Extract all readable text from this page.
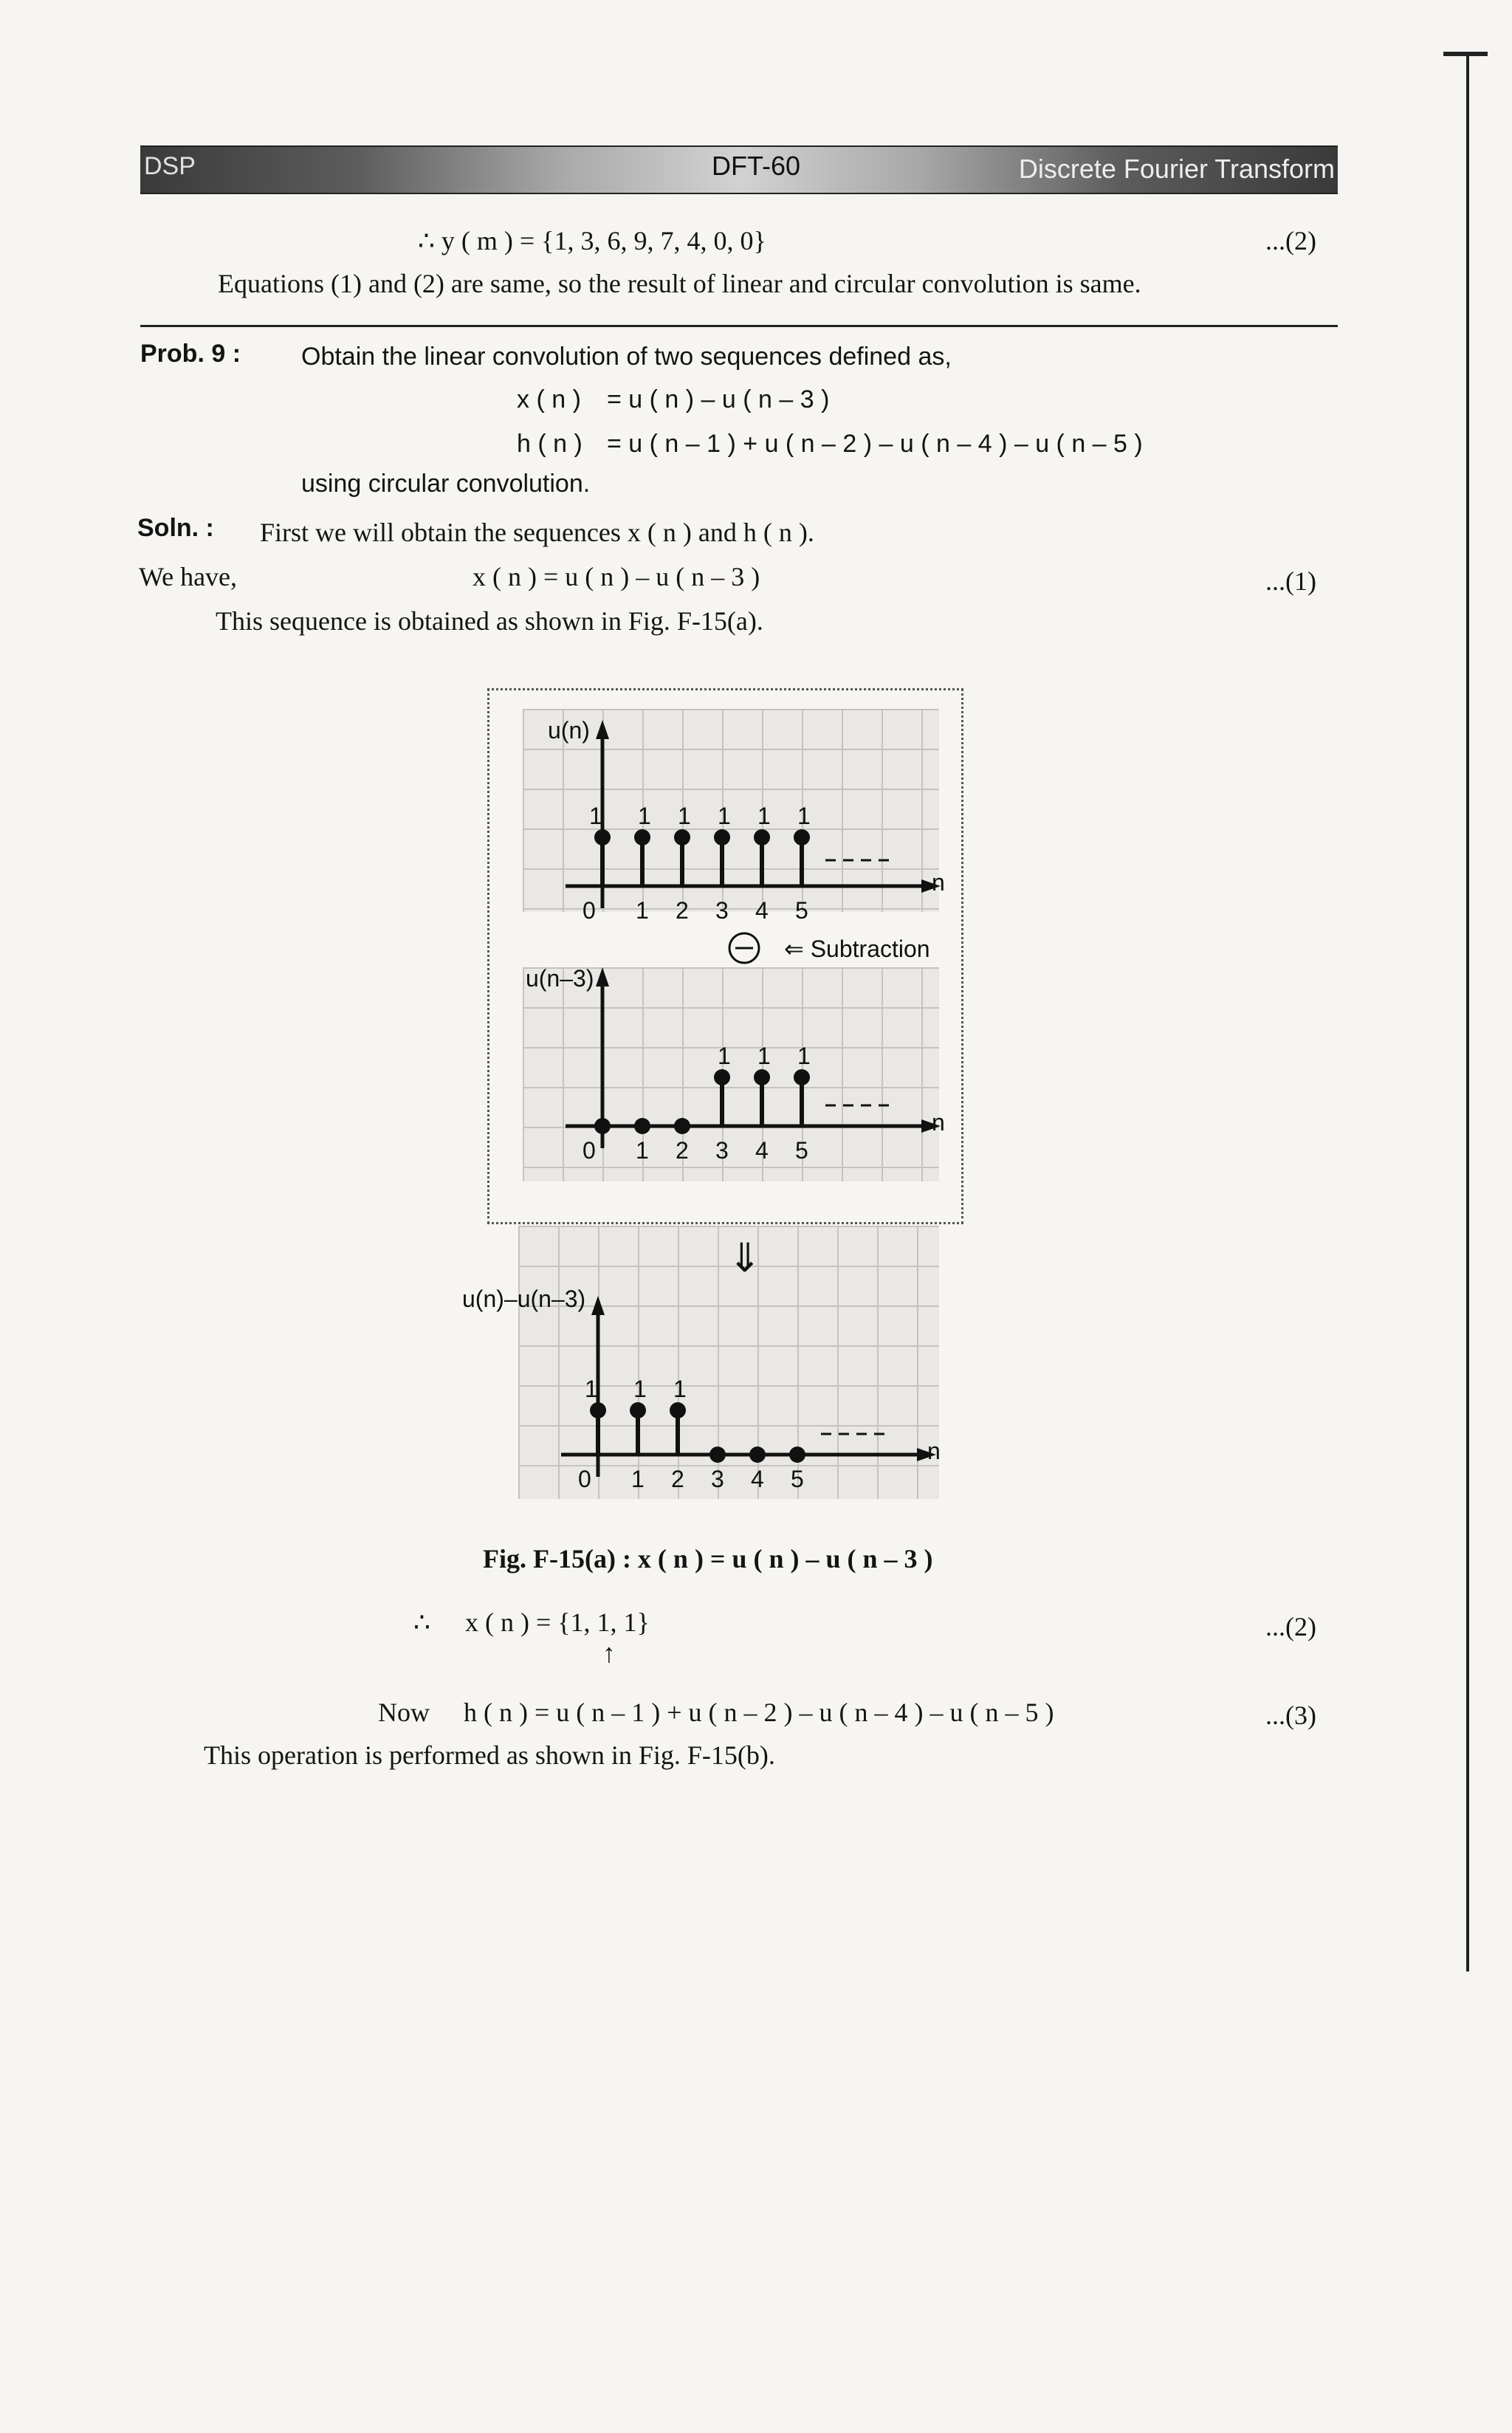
DSP	DFT-60	Discrete Fourier Transform
∴ y ( m ) = {1, 3, 6, 9, 7, 4, 0, 0}	...(2)
Equations (1) and (2) are same, so the result of linear and circular convolution is same.
Prob. 9 : Obtain the linear convolution of two sequences defined as,
x ( n ) = u ( n ) – u ( n – 3 )
h ( n ) = u ( n – 1 ) + u ( n – 2 ) – u ( n – 4 ) – u ( n – 5 )
using circular convolution.
Soln. : First we will obtain the sequences x ( n ) and h ( n ).
We have,	x ( n ) = u ( n ) – u ( n – 3 )	...(1)
This sequence is obtained as shown in Fig. F-15(a).
u(n)
n
1
0
1
1
1
2
1
3
1
4
1
5
u(n–3)
n
0 1 2
1
3
1
4
1
5
u(n)–u(n–3)
n
1
0
1
1
1
2 3 4 5
⇐ Subtraction
⇓
Fig. F-15(a) : x ( n ) = u ( n ) – u ( n – 3 )
∴ x ( n ) = {1, 1, 1}
↑
...(2)
Now h ( n ) = u ( n – 1 ) + u ( n – 2 ) – u ( n – 4 ) – u ( n – 5 )	...(3)
This operation is performed as shown in Fig. F-15(b).
